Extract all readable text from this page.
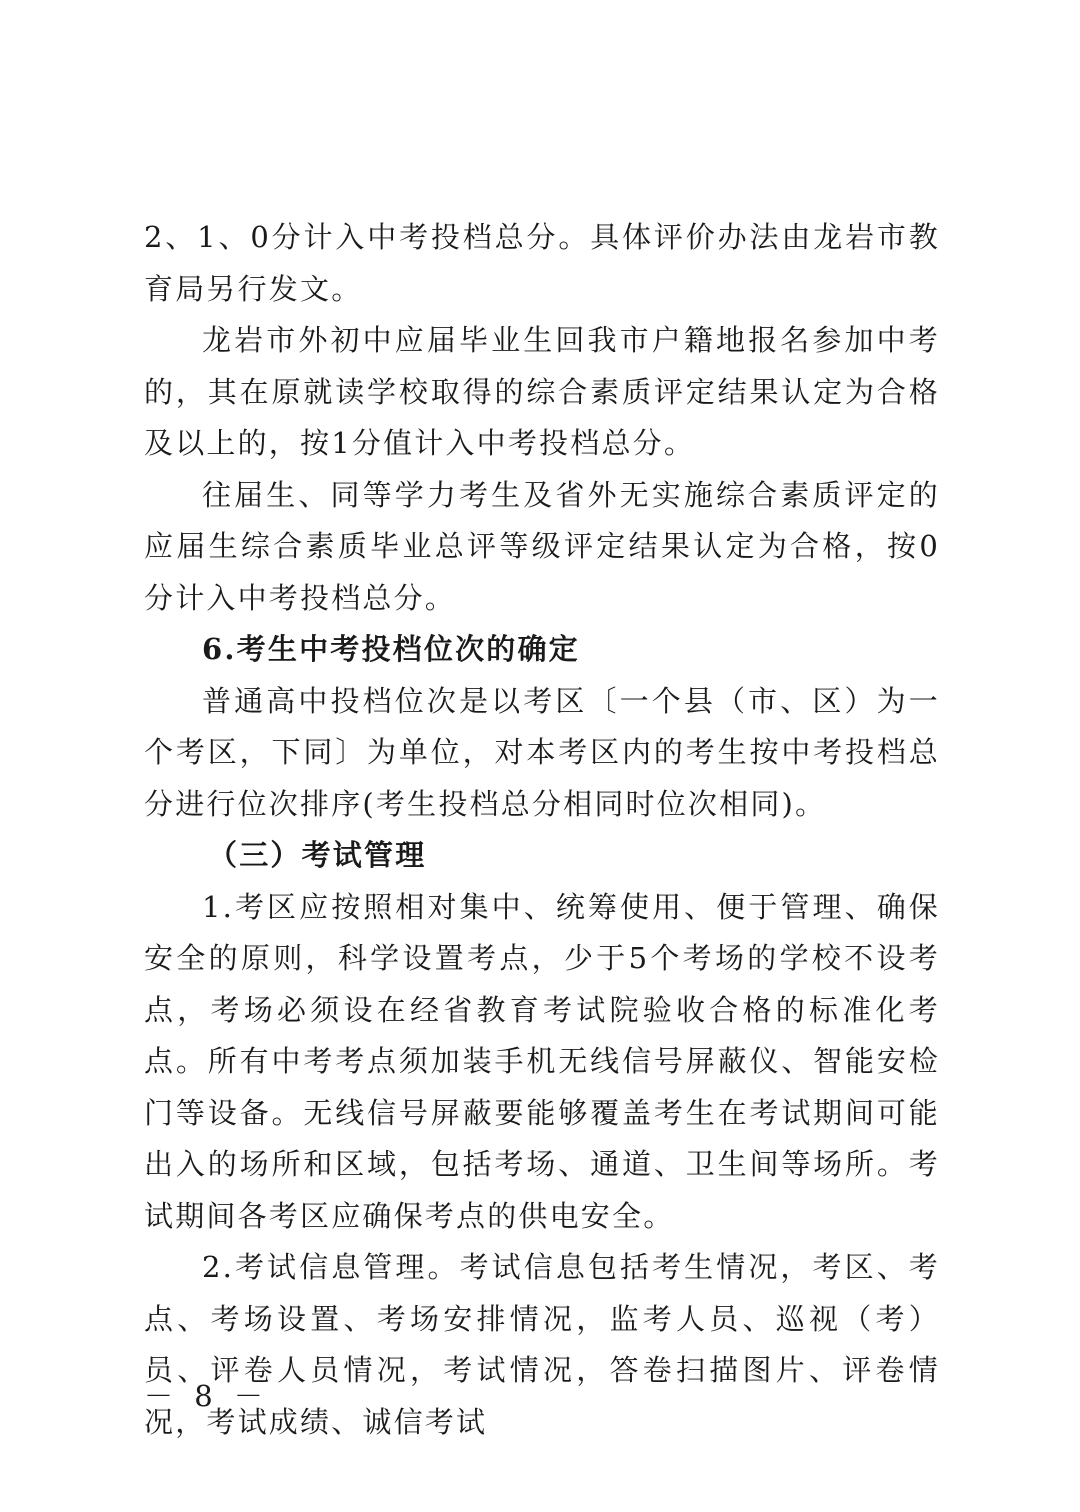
2、1、0分计入中考投档总分。具体评价办法由龙岩市教育局另行发文。

龙岩市外初中应届毕业生回我市户籍地报名参加中考的，其在原就读学校取得的综合素质评定结果认定为合格及以上的，按1分值计入中考投档总分。

往届生、同等学力考生及省外无实施综合素质评定的应届生综合素质毕业总评等级评定结果认定为合格，按0分计入中考投档总分。

6.考生中考投档位次的确定

普通高中投档位次是以考区〔一个县（市、区）为一个考区，下同〕为单位，对本考区内的考生按中考投档总分进行位次排序(考生投档总分相同时位次相同)。

（三）考试管理

1.考区应按照相对集中、统筹使用、便于管理、确保安全的原则，科学设置考点，少于5个考场的学校不设考点，考场必须设在经省教育考试院验收合格的标准化考点。所有中考考点须加装手机无线信号屏蔽仪、智能安检门等设备。无线信号屏蔽要能够覆盖考生在考试期间可能出入的场所和区域，包括考场、通道、卫生间等场所。考试期间各考区应确保考点的供电安全。

2.考试信息管理。考试信息包括考生情况，考区、考点、考场设置、考场安排情况，监考人员、巡视（考）员、评卷人员情况，考试情况，答卷扫描图片、评卷情况，考试成绩、诚信考试

－ 8 －
